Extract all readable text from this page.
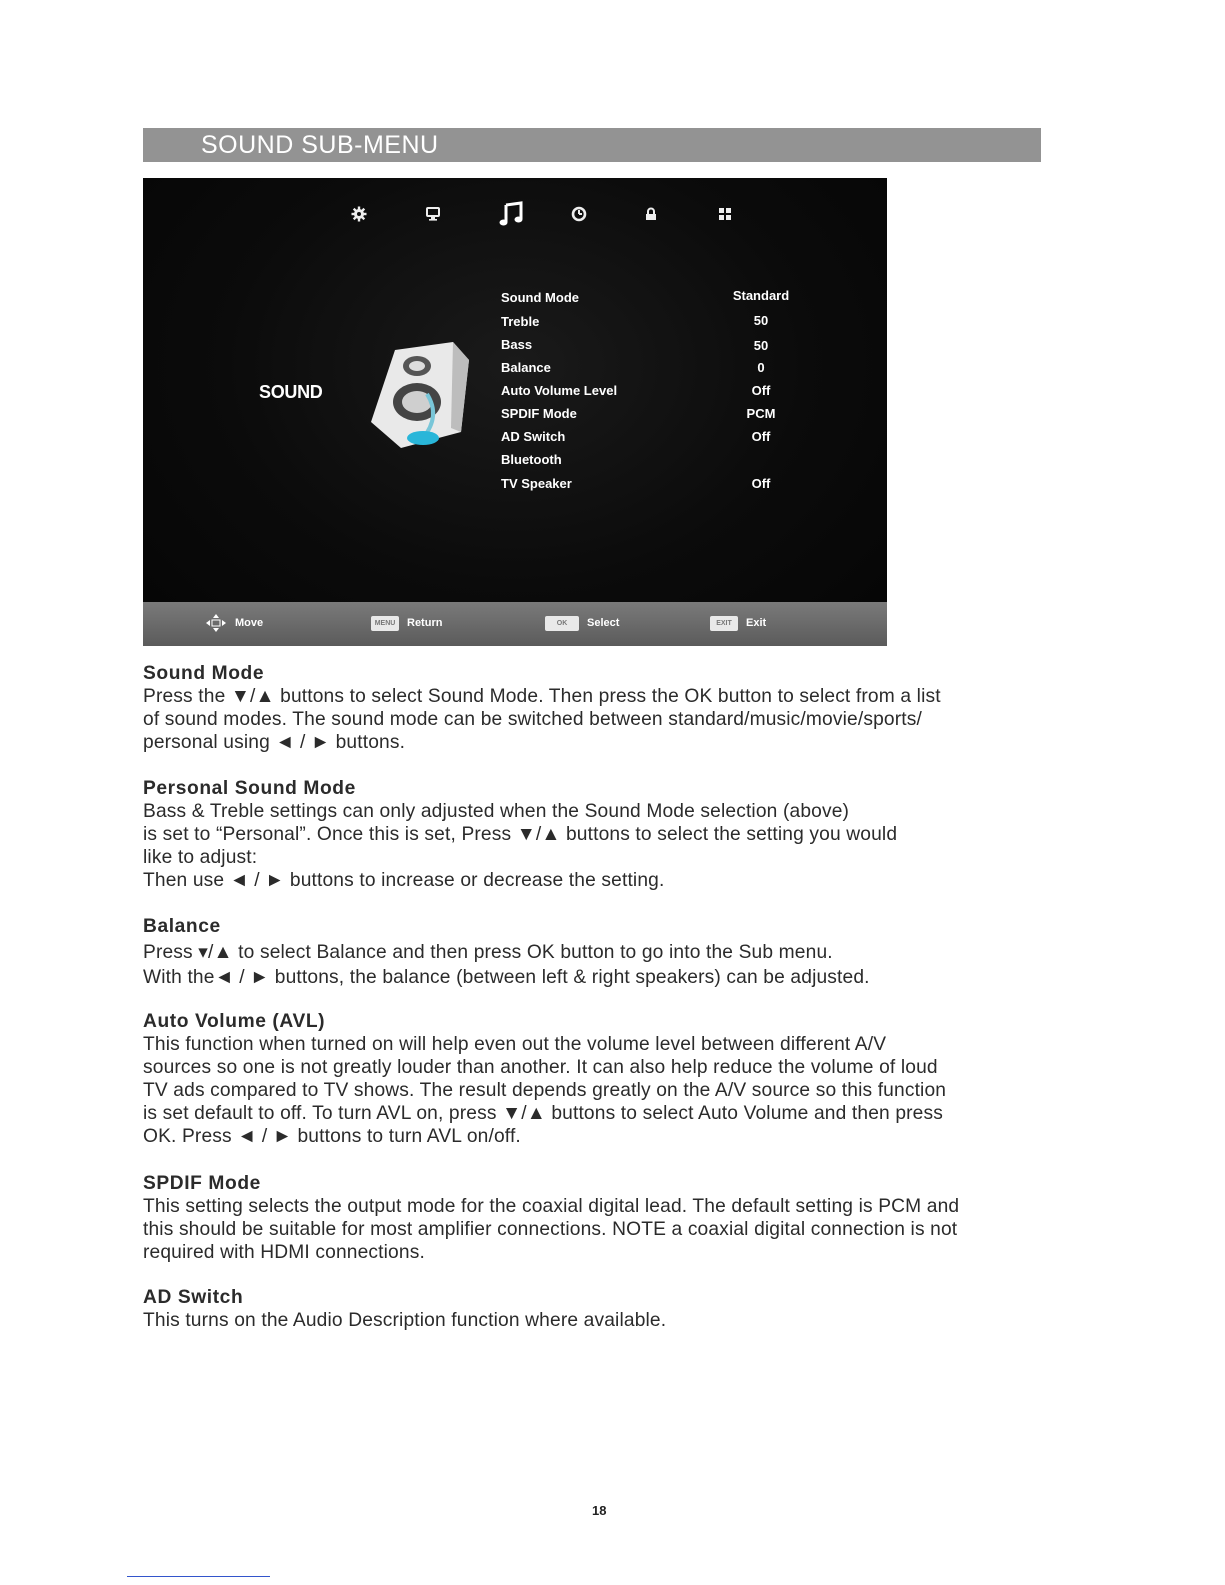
SOUND SUB-MENU
SOUND
Sound Mode	Standard
Treble	50
Bass	50
Balance	0
Auto Volume Level	Off
SPDIF Mode	PCM
AD Switch	Off
Bluetooth
TV Speaker	Off
Move	MENU	Return	OK	Select	EXIT	Exit
Sound Mode

Press the ▼/▲ buttons to select Sound Mode. Then press the OK button to select from a list

of sound modes. The sound mode can be switched between standard/music/movie/sports/

personal using ◄ / ► buttons.

Personal Sound Mode

Bass & Treble settings can only adjusted when the Sound Mode selection (above)

is set to “Personal”. Once this is set, Press ▼/▲ buttons to select the setting you would

like to adjust:

Then use ◄ / ► buttons to increase or decrease the setting.

Balance

Press ▾/▲ to select Balance and then press OK button to go into the Sub menu.

With the◄ / ► buttons, the balance (between left & right speakers) can be adjusted.

Auto Volume (AVL)

This function when turned on will help even out the volume level between different A/V

sources so one is not greatly louder than another. It can also help reduce the volume of loud

TV ads compared to TV shows. The result depends greatly on the A/V source so this function

is set default to off. To turn AVL on, press ▼/▲ buttons to select Auto Volume and then press

OK. Press ◄ / ► buttons to turn AVL on/off.

SPDIF Mode

This setting selects the output mode for the coaxial digital lead. The default setting is PCM and

this should be suitable for most amplifier connections. NOTE a coaxial digital connection is not

required with HDMI connections.

AD Switch

This turns on the Audio Description function where available.

18
